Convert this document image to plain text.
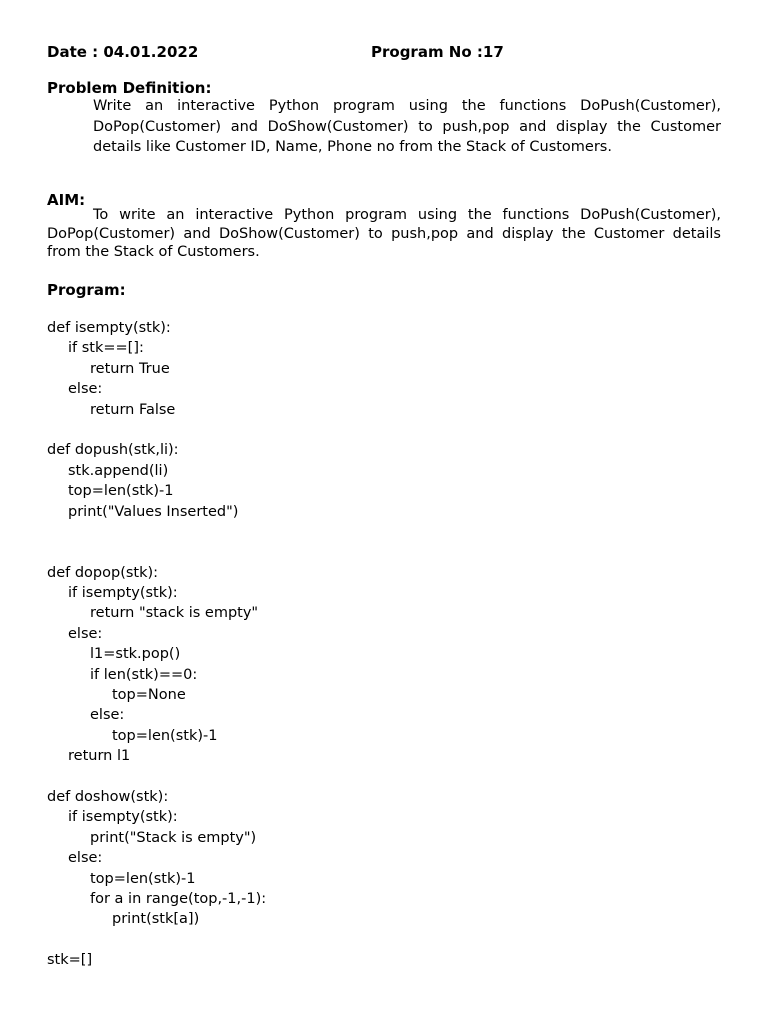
Date : 04.01.2022	Program No :17
Problem Definition:
Write an interactive Python program using the functions DoPush(Customer), DoPop(Customer) and DoShow(Customer) to push,pop and display the Customer details like Customer ID, Name, Phone no from the Stack of Customers.
AIM:
To write an interactive Python program using the functions DoPush(Customer), DoPop(Customer) and DoShow(Customer) to push,pop and display the Customer details from the Stack of Customers.
Program:
def isempty(stk):
if stk==[]:
return True
else:
return False
def dopush(stk,li):
stk.append(li)
top=len(stk)-1
print("Values Inserted")
def dopop(stk):
if isempty(stk):
return "stack is empty"
else:
l1=stk.pop()
if len(stk)==0:
top=None
else:
top=len(stk)-1
return l1
def doshow(stk):
if isempty(stk):
print("Stack is empty")
else:
top=len(stk)-1
for a in range(top,-1,-1):
print(stk[a])
stk=[]
